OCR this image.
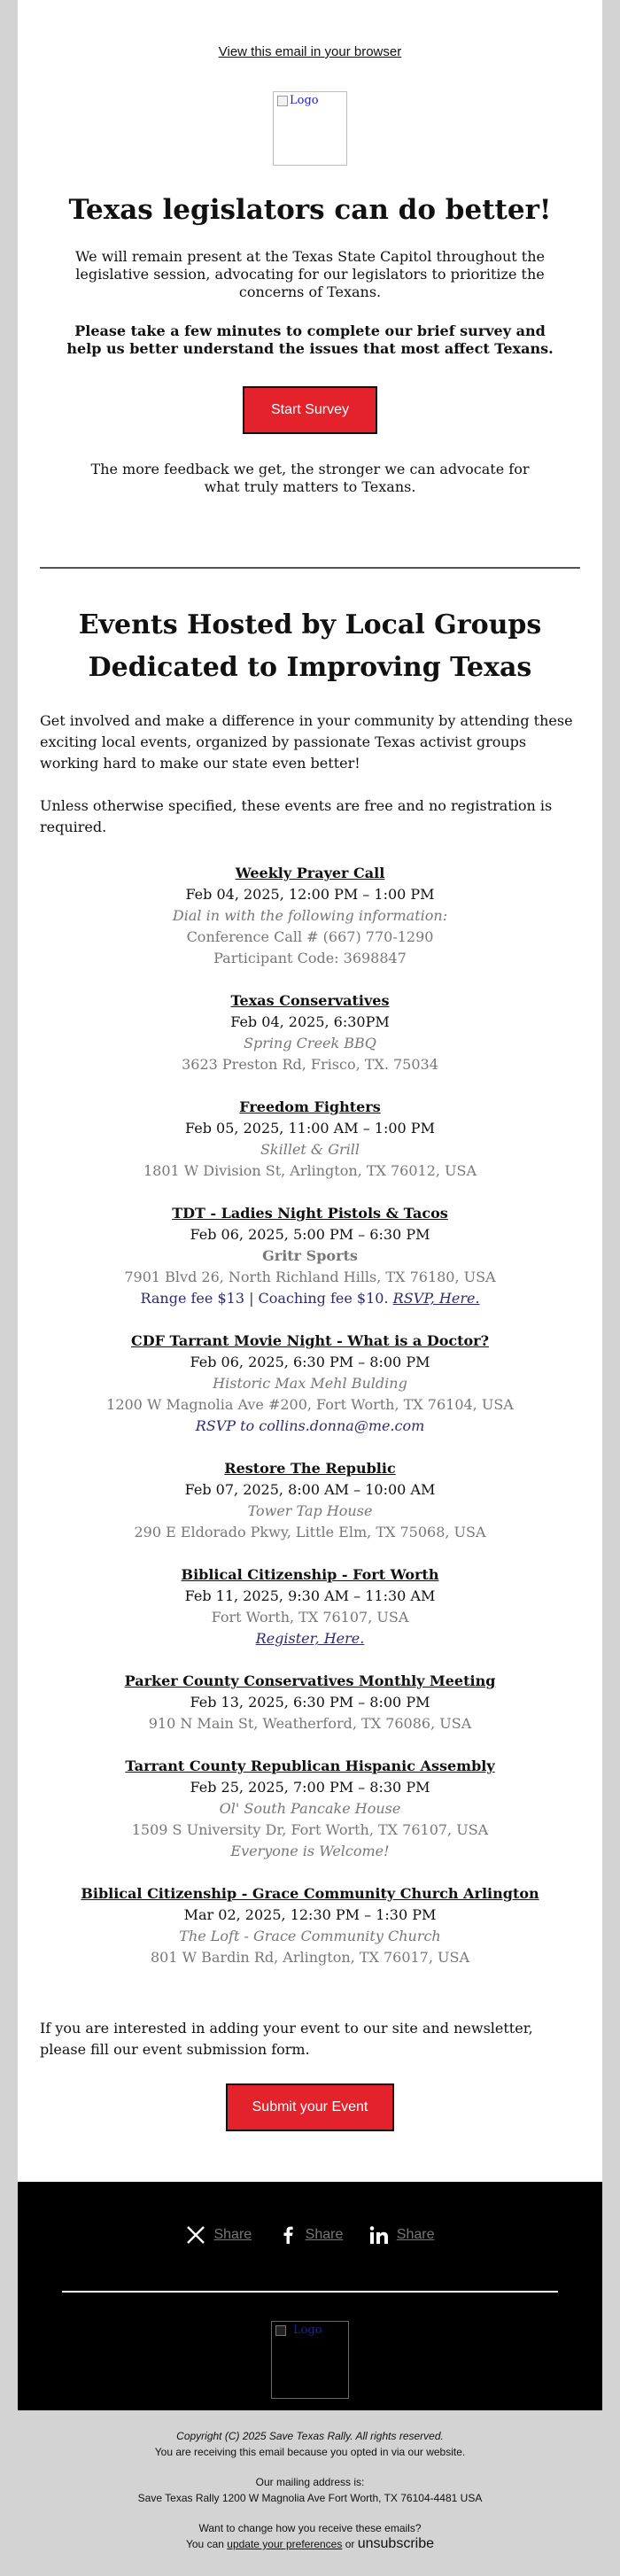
View this email in your browser
Logo
Texas legislators can do better!

We will remain present at the Texas State Capitol throughout the legislative session, advocating for our legislators to prioritize the concerns of Texans.

Please take a few minutes to complete our brief survey and help us better understand the issues that most affect Texans.

Start Survey

The more feedback we get, the stronger we can advocate for what truly matters to Texans.

Events Hosted by Local Groups Dedicated to Improving Texas

Get involved and make a difference in your community by attending these exciting local events, organized by passionate Texas activist groups working hard to make our state even better!

Unless otherwise specified, these events are free and no registration is required.

Weekly Prayer Call
Feb 04, 2025, 12:00 PM – 1:00 PM
Dial in with the following information:
Conference Call # (667) 770-1290
Participant Code: 3698847
Texas Conservatives
Feb 04, 2025, 6:30PM
Spring Creek BBQ
3623 Preston Rd, Frisco, TX. 75034
Freedom Fighters
Feb 05, 2025, 11:00 AM – 1:00 PM
Skillet & Grill
1801 W Division St, Arlington, TX 76012, USA
TDT - Ladies Night Pistols & Tacos
Feb 06, 2025, 5:00 PM – 6:30 PM
Gritr Sports
7901 Blvd 26, North Richland Hills, TX 76180, USA
Range fee $13 | Coaching fee $10. RSVP, Here.
CDF Tarrant Movie Night - What is a Doctor?
Feb 06, 2025, 6:30 PM – 8:00 PM
Historic Max Mehl Bulding
1200 W Magnolia Ave #200, Fort Worth, TX 76104, USA
RSVP to collins.donna@me.com
Restore The Republic
Feb 07, 2025, 8:00 AM – 10:00 AM
Tower Tap House
290 E Eldorado Pkwy, Little Elm, TX 75068, USA
Biblical Citizenship - Fort Worth
Feb 11, 2025, 9:30 AM – 11:30 AM
Fort Worth, TX 76107, USA
Register, Here.
Parker County Conservatives Monthly Meeting
Feb 13, 2025, 6:30 PM – 8:00 PM
910 N Main St, Weatherford, TX 76086, USA
Tarrant County Republican Hispanic Assembly
Feb 25, 2025, 7:00 PM – 8:30 PM
Ol' South Pancake House
1509 S University Dr, Fort Worth, TX 76107, USA
Everyone is Welcome!
Biblical Citizenship - Grace Community Church Arlington
Mar 02, 2025, 12:30 PM – 1:30 PM
The Loft - Grace Community Church
801 W Bardin Rd, Arlington, TX 76017, USA

If you are interested in adding your event to our site and newsletter, please fill our event submission form.

Submit your Event
Share
	Share
	Share
Logo

Copyright (C) 2025 Save Texas Rally. All rights reserved.
You are receiving this email because you opted in via our website.

Our mailing address is:
Save Texas Rally 1200 W Magnolia Ave Fort Worth, TX 76104-4481 USA

Want to change how you receive these emails?
You can update your preferences or unsubscribe
